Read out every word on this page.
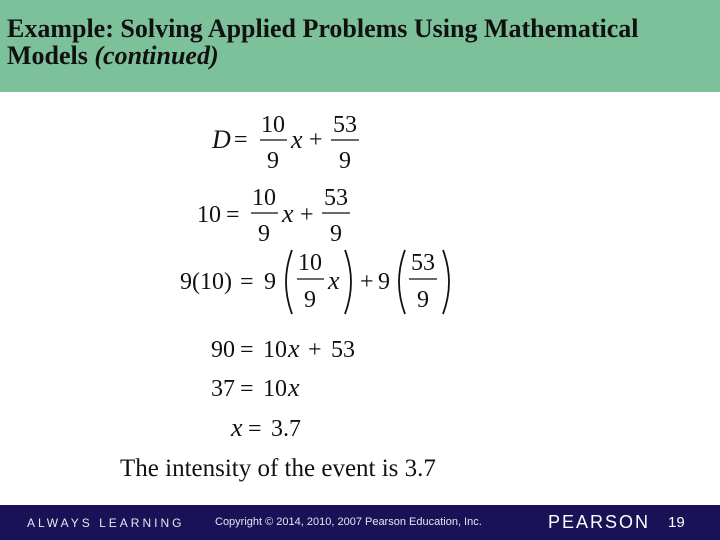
Example: Solving Applied Problems Using Mathematical Models (continued)

D =
10
9
x +
53
9
10 =
10
9
x +
53
9
9(10) = 9
10
9
x + 9
53
9
90 = 10 x + 53
37 = 10 x
x = 3.7
The intensity of the event is 3.7
ALWAYS LEARNING	Copyright © 2014, 2010, 2007 Pearson Education, Inc.	PEARSON 19
